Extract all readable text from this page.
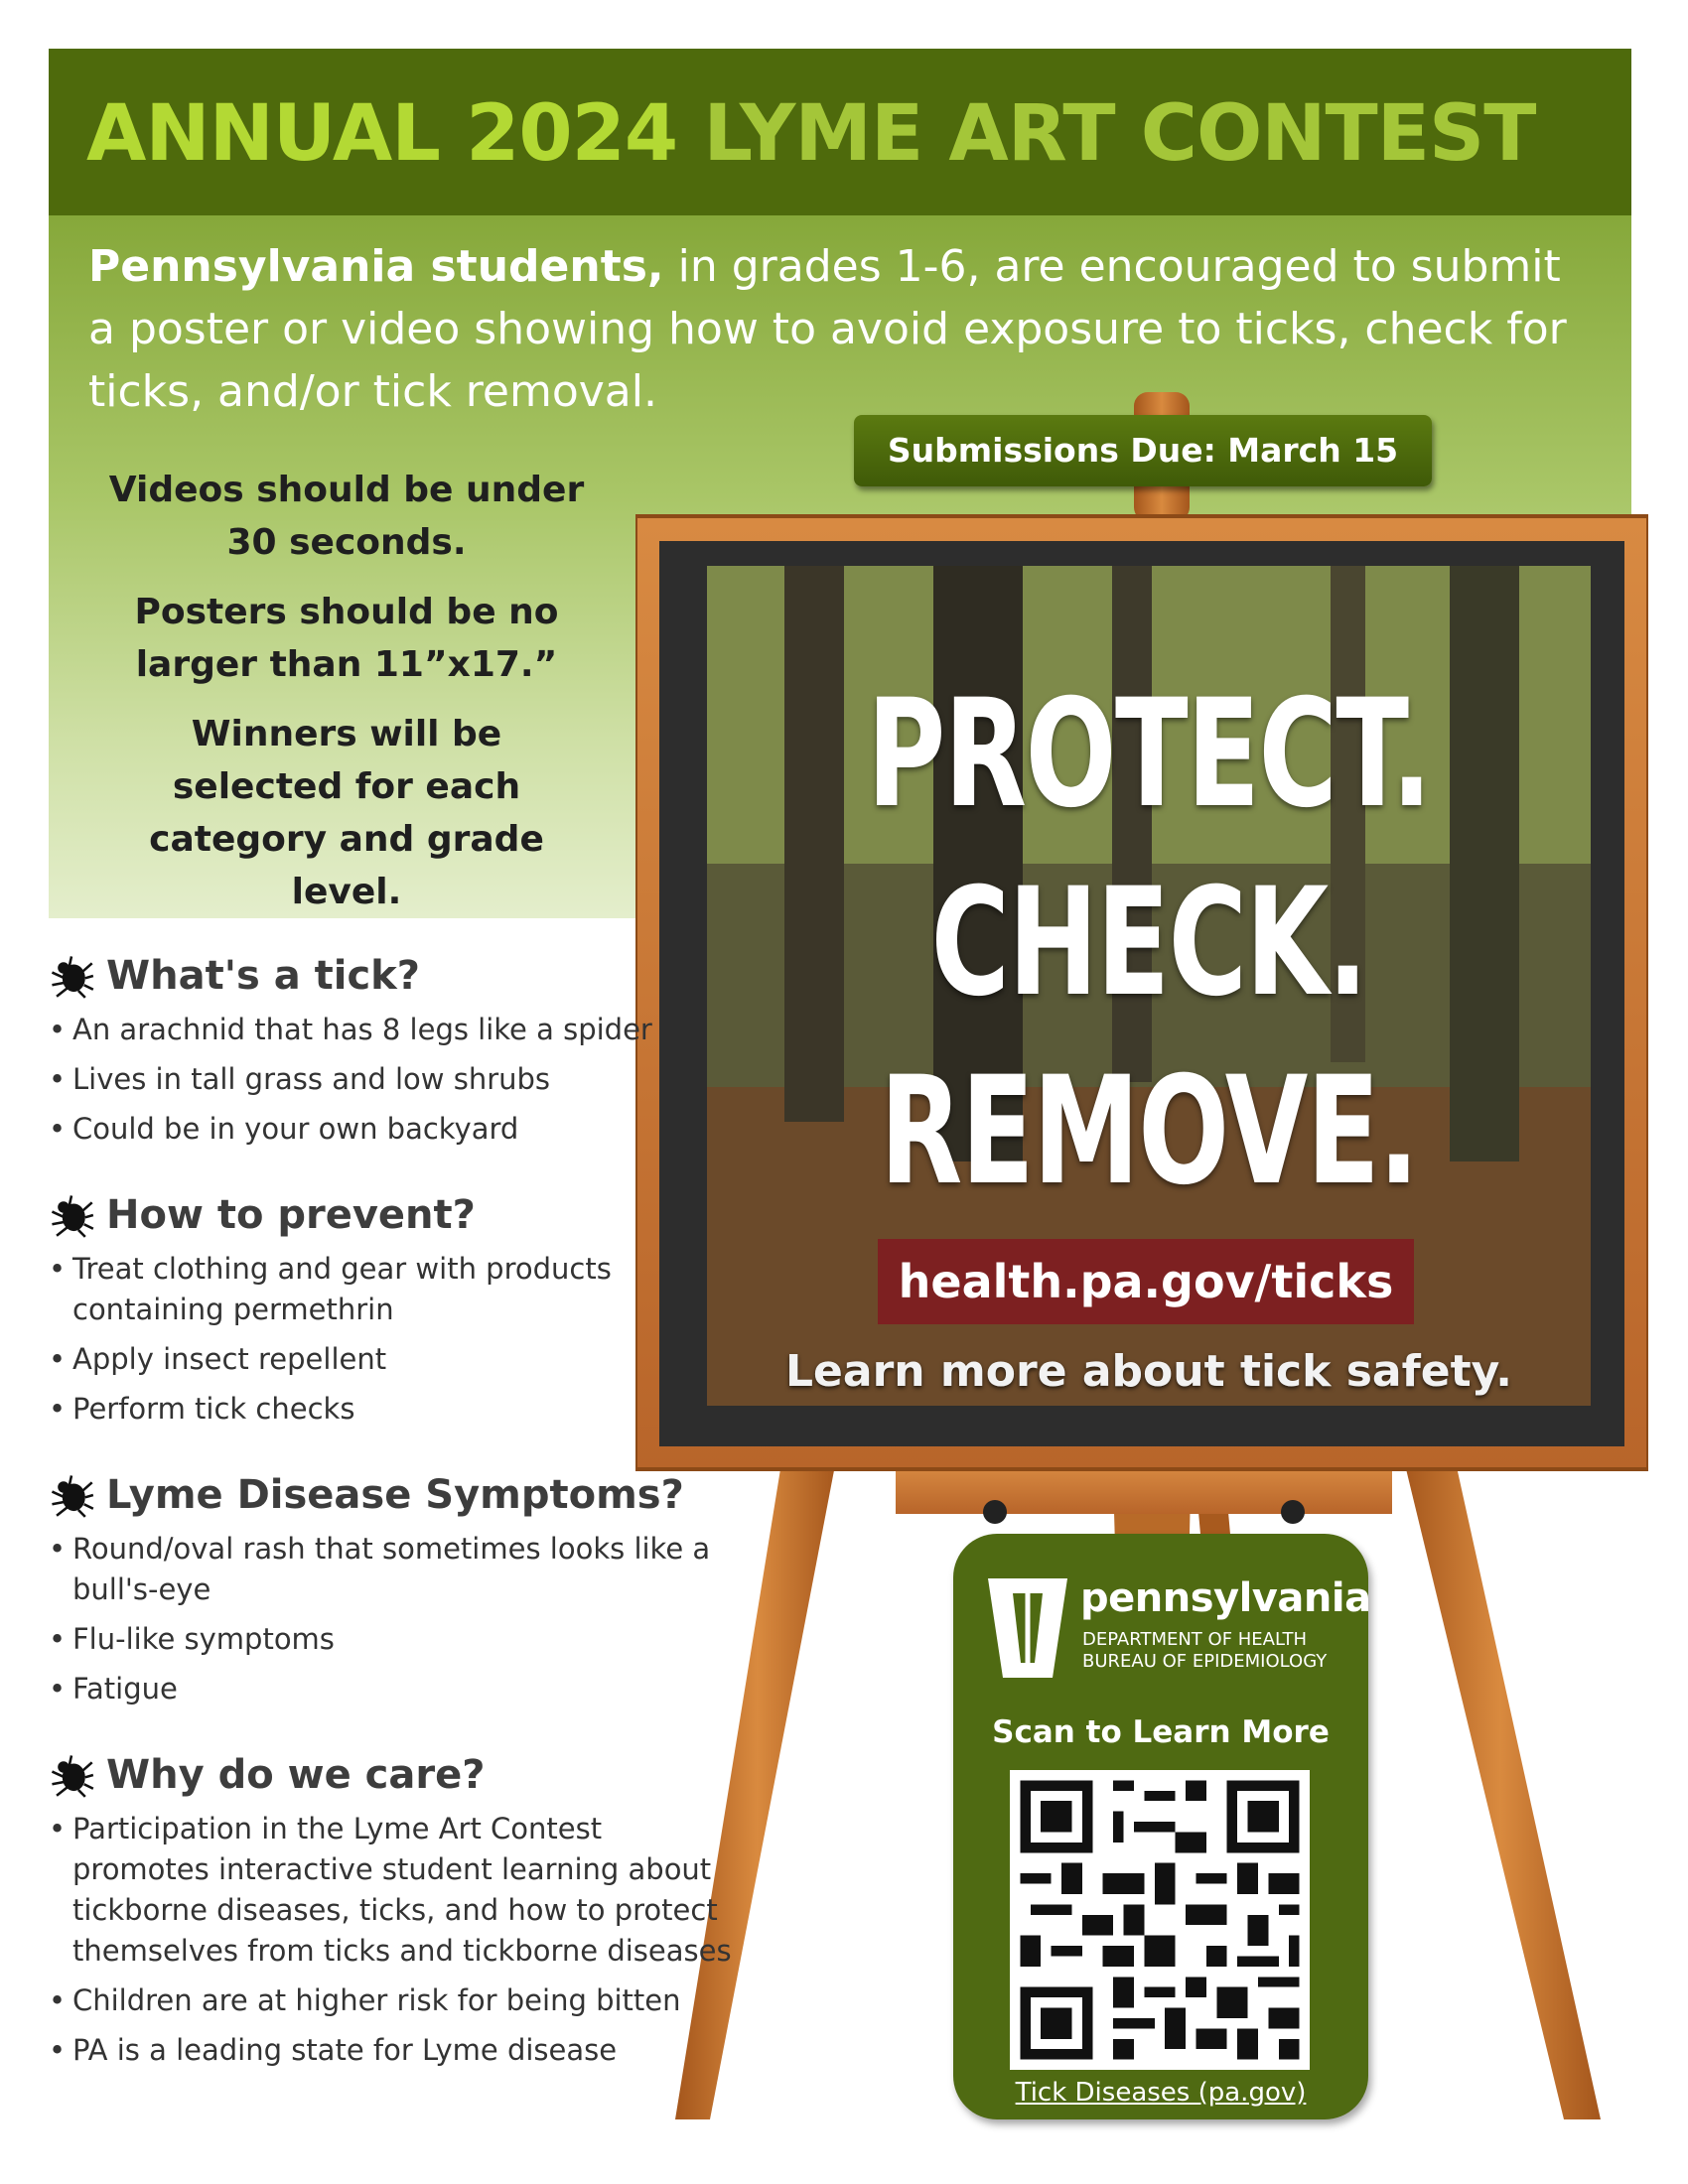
ANNUAL 2024 LYME ART CONTEST
Pennsylvania students, in grades 1-6, are encouraged to submit a poster or video showing how to avoid exposure to ticks, check for ticks, and/or tick removal.

Videos should be under 30 seconds.

Posters should be no larger than 11”x17.”

Winners will be selected for each category and grade level.

PROTECT.
CHECK.
REMOVE.
health.pa.gov/ticks
Learn more about tick safety.
Submissions Due: March 15
What's a tick?
• An arachnid that has 8 legs like a spider
• Lives in tall grass and low shrubs
• Could be in your own backyard
How to prevent?
• Treat clothing and gear with products containing permethrin
• Apply insect repellent
• Perform tick checks
Lyme Disease Symptoms?
• Round/oval rash that sometimes looks like a bull's-eye
• Flu-like symptoms
• Fatigue
Why do we care?
• Participation in the Lyme Art Contest promotes interactive student learning about tickborne diseases, ticks, and how to protect themselves from ticks and tickborne diseases
• Children are at higher risk for being bitten
• PA is a leading state for Lyme disease
pennsylvania
DEPARTMENT OF HEALTH
BUREAU OF EPIDEMIOLOGY
Scan to Learn More
Tick Diseases (pa.gov)
